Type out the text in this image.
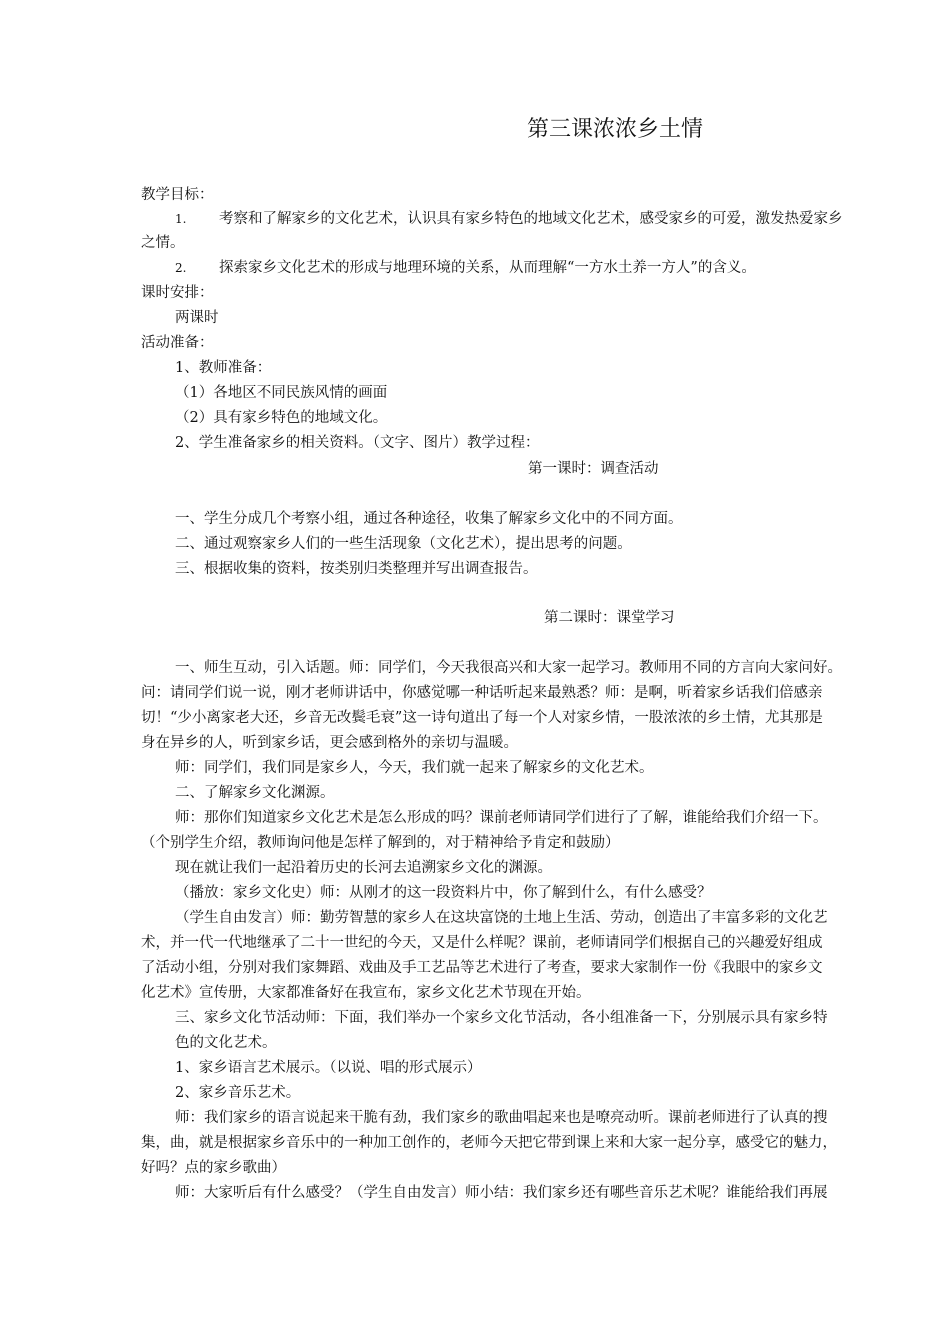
第三课浓浓乡土情
教学目标：
1. 考察和了解家乡的文化艺术，认识具有家乡特色的地域文化艺术，感受家乡的可爱，激发热爱家乡
之情。
2. 探索家乡文化艺术的形成与地理环境的关系，从而理解“一方水土养一方人”的含义。
课时安排：
两课时
活动准备：
1、教师准备：
（1）各地区不同民族风情的画面
（2）具有家乡特色的地域文化。
2、学生准备家乡的相关资料。（文字、图片）教学过程：
第一课时：调查活动
一、学生分成几个考察小组，通过各种途径，收集了解家乡文化中的不同方面。
二、通过观察家乡人们的一些生活现象（文化艺术），提出思考的问题。
三、根据收集的资料，按类别归类整理并写出调查报告。
第二课时：课堂学习
一、师生互动，引入话题。师：同学们，今天我很高兴和大家一起学习。教师用不同的方言向大家问好。
问：请同学们说一说，刚才老师讲话中，你感觉哪一种话听起来最熟悉？师：是啊，听着家乡话我们倍感亲
切！“少小离家老大还，乡音无改鬓毛衰”这一诗句道出了每一个人对家乡情，一股浓浓的乡土情，尤其那是
身在异乡的人，听到家乡话，更会感到格外的亲切与温暖。
师：同学们，我们同是家乡人，今天，我们就一起来了解家乡的文化艺术。
二、了解家乡文化渊源。
师：那你们知道家乡文化艺术是怎么形成的吗？课前老师请同学们进行了了解，谁能给我们介绍一下。
（个别学生介绍，教师询问他是怎样了解到的，对于精神给予肯定和鼓励）
现在就让我们一起沿着历史的长河去追溯家乡文化的渊源。
（播放：家乡文化史）师：从刚才的这一段资料片中，你了解到什么，有什么感受？
（学生自由发言）师：勤劳智慧的家乡人在这块富饶的土地上生活、劳动，创造出了丰富多彩的文化艺
术，并一代一代地继承了二十一世纪的今天，又是什么样呢？课前，老师请同学们根据自己的兴趣爱好组成
了活动小组，分别对我们家舞蹈、戏曲及手工艺品等艺术进行了考查，要求大家制作一份《我眼中的家乡文
化艺术》宣传册，大家都准备好在我宣布，家乡文化艺术节现在开始。
三、家乡文化节活动师：下面，我们举办一个家乡文化节活动，各小组准备一下，分别展示具有家乡特
色的文化艺术。
1、家乡语言艺术展示。（以说、唱的形式展示）
2、家乡音乐艺术。
师：我们家乡的语言说起来干脆有劲，我们家乡的歌曲唱起来也是嘹亮动听。课前老师进行了认真的搜
集，曲，就是根据家乡音乐中的一种加工创作的，老师今天把它带到课上来和大家一起分享，感受它的魅力，
好吗？点的家乡歌曲）
师：大家听后有什么感受？（学生自由发言）师小结：我们家乡还有哪些音乐艺术呢？谁能给我们再展
